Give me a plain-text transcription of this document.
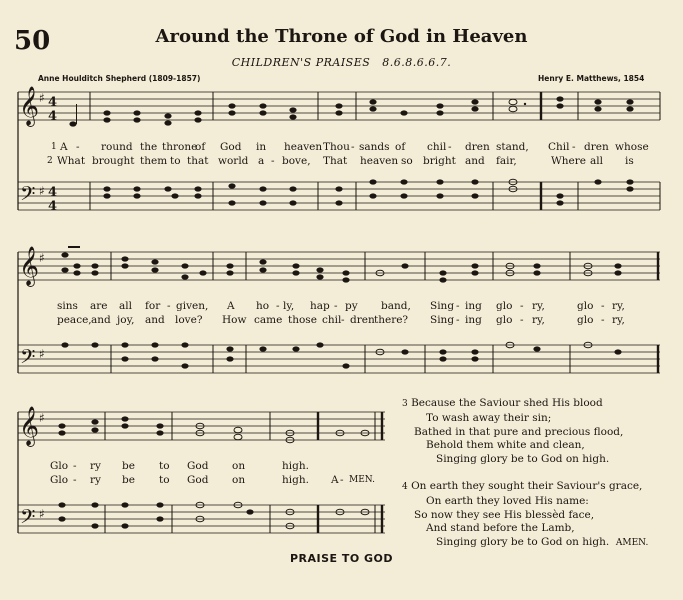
50	Around the Throne of God in Heaven
CHILDREN'S PRAISES 8.6.8.6.6.7.
Anne Houlditch Shepherd (1809-1857)	Henry E. Matthews, 1854
𝄞
𝄢
♯
♯
4
4
4
4
1 A - round the throne
of God in heaven Thou - sands of chil - dren stand, Chil - dren whose
2 What brought them to that world a - bove, That heaven so bright and fair,	Where all is
𝄞
𝄢
♯
♯
sins are all for - given, A ho - ly, hap - py band, Sing - ing glo - ry,	glo - ry,
peace, and joy, and love? How came those chil - dren there? Sing - ing glo - ry,	glo - ry,
𝄞
𝄢
♯
♯
Glo - ry be to God on	high.
Glo - ry be to God on	high. A - MEN.
3 Because the Saviour shed His blood
To wash away their sin;
Bathed in that pure and precious flood,
Behold them white and clean,
Singing glory be to God on high.
4 On earth they sought their Saviour's grace,
On earth they loved His name:
So now they see His blessèd face,
And stand before the Lamb,
Singing glory be to God on high. AMEN.
PRAISE TO GOD
